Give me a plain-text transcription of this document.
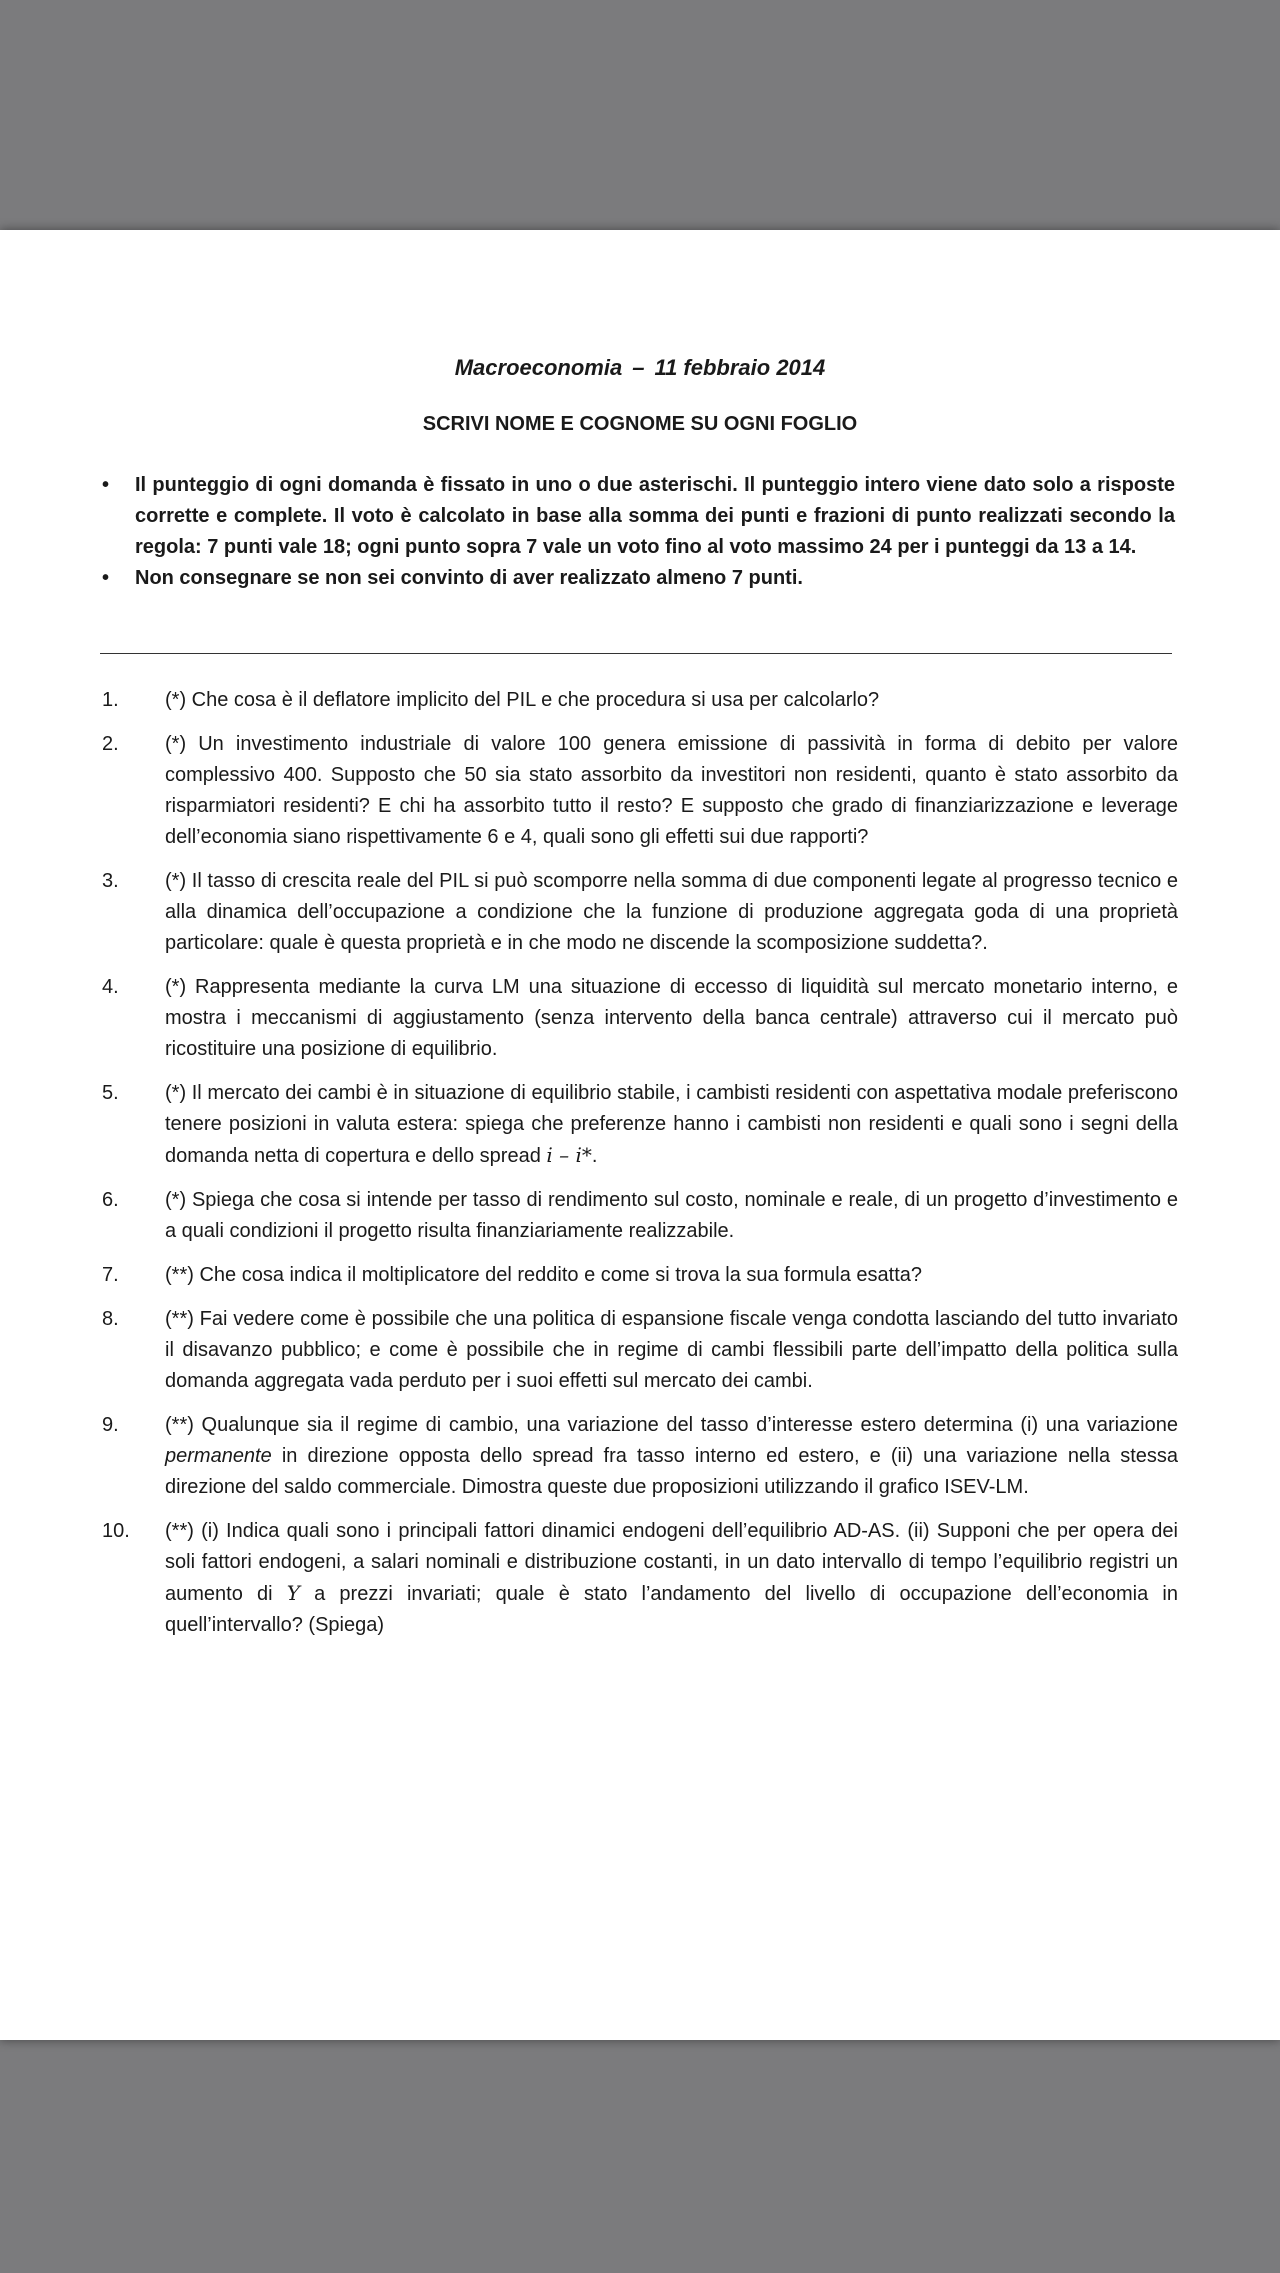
Macroeconomia – 11 febbraio 2014
SCRIVI NOME E COGNOME SU OGNI FOGLIO
• Il punteggio di ogni domanda è fissato in uno o due asterischi. Il punteggio intero viene dato solo a risposte corrette e complete. Il voto è calcolato in base alla somma dei punti e frazioni di punto realizzati secondo la regola: 7 punti vale 18; ogni punto sopra 7 vale un voto fino al voto massimo 24 per i punteggi da 13 a 14.
• Non consegnare se non sei convinto di aver realizzato almeno 7 punti.
1. (*) Che cosa è il deflatore implicito del PIL e che procedura si usa per calcolarlo?
2. (*) Un investimento industriale di valore 100 genera emissione di passività in forma di debito per valore complessivo 400. Supposto che 50 sia stato assorbito da investitori non residenti, quanto è stato assorbito da risparmiatori residenti? E chi ha assorbito tutto il resto? E supposto che grado di finanziarizzazione e leverage dell’economia siano rispettivamente 6 e 4, quali sono gli effetti sui due rapporti?
3. (*) Il tasso di crescita reale del PIL si può scomporre nella somma di due componenti legate al progresso tecnico e alla dinamica dell’occupazione a condizione che la funzione di produzione aggregata goda di una proprietà particolare: quale è questa proprietà e in che modo ne discende la scomposizione suddetta?.
4. (*) Rappresenta mediante la curva LM una situazione di eccesso di liquidità sul mercato monetario interno, e mostra i meccanismi di aggiustamento (senza intervento della banca centrale) attraverso cui il mercato può ricostituire una posizione di equilibrio.
5. (*) Il mercato dei cambi è in situazione di equilibrio stabile, i cambisti residenti con aspettativa modale preferiscono tenere posizioni in valuta estera: spiega che preferenze hanno i cambisti non residenti e quali sono i segni della domanda netta di copertura e dello spread i – i*.
6. (*) Spiega che cosa si intende per tasso di rendimento sul costo, nominale e reale, di un progetto d’investimento e a quali condizioni il progetto risulta finanziariamente realizzabile.
7. (**) Che cosa indica il moltiplicatore del reddito e come si trova la sua formula esatta?
8. (**) Fai vedere come è possibile che una politica di espansione fiscale venga condotta lasciando del tutto invariato il disavanzo pubblico; e come è possibile che in regime di cambi flessibili parte dell’impatto della politica sulla domanda aggregata vada perduto per i suoi effetti sul mercato dei cambi.
9. (**) Qualunque sia il regime di cambio, una variazione del tasso d’interesse estero determina (i) una variazione permanente in direzione opposta dello spread fra tasso interno ed estero, e (ii) una variazione nella stessa direzione del saldo commerciale. Dimostra queste due proposizioni utilizzando il grafico ISEV-LM.
10. (**) (i) Indica quali sono i principali fattori dinamici endogeni dell’equilibrio AD-AS. (ii) Supponi che per opera dei soli fattori endogeni, a salari nominali e distribuzione costanti, in un dato intervallo di tempo l’equilibrio registri un aumento di Y a prezzi invariati; quale è stato l’andamento del livello di occupazione dell’economia in quell’intervallo? (Spiega)
